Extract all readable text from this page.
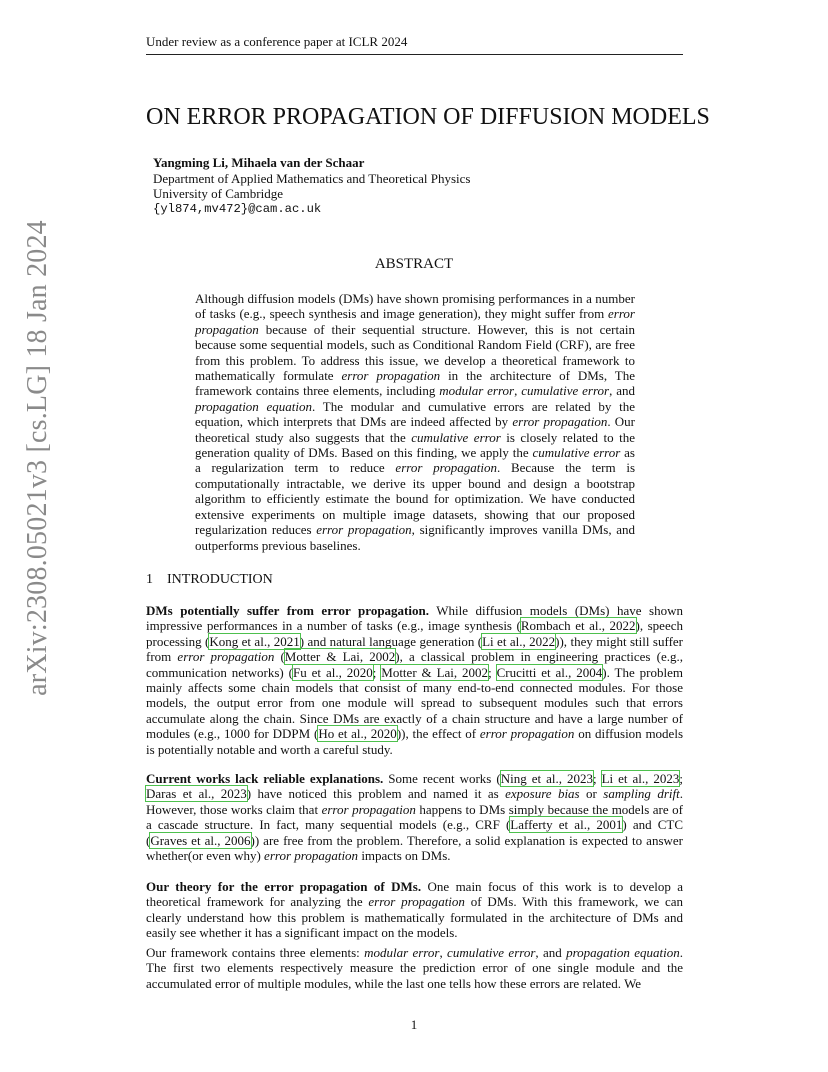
Under review as a conference paper at ICLR 2024
arXiv:2308.05021v3 [cs.LG] 18 Jan 2024
ON ERROR PROPAGATION OF DIFFUSION MODELS
Yangming Li, Mihaela van der Schaar
Department of Applied Mathematics and Theoretical Physics
University of Cambridge
{yl874,mv472}@cam.ac.uk
ABSTRACT
Although diffusion models (DMs) have shown promising performances in a number of tasks (e.g., speech synthesis and image generation), they might suffer from error propagation because of their sequential structure. However, this is not certain because some sequential models, such as Conditional Random Field (CRF), are free from this problem. To address this issue, we develop a theoretical framework to mathematically formulate error propagation in the architecture of DMs, The framework contains three elements, including modular error, cumulative error, and propagation equation. The modular and cumulative errors are related by the equation, which interprets that DMs are indeed affected by error propagation. Our theoretical study also suggests that the cumulative error is closely related to the generation quality of DMs. Based on this finding, we apply the cumulative error as a regularization term to reduce error propagation. Because the term is computationally intractable, we derive its upper bound and design a bootstrap algorithm to efficiently estimate the bound for optimization. We have conducted extensive experiments on multiple image datasets, showing that our proposed regularization reduces error propagation, significantly improves vanilla DMs, and outperforms previous baselines.
1 INTRODUCTION
DMs potentially suffer from error propagation. While diffusion models (DMs) have shown impressive performances in a number of tasks (e.g., image synthesis (Rombach et al., 2022), speech processing (Kong et al., 2021) and natural language generation (Li et al., 2022)), they might still suffer from error propagation (Motter & Lai, 2002), a classical problem in engineering practices (e.g., communication networks) (Fu et al., 2020; Motter & Lai, 2002; Crucitti et al., 2004). The problem mainly affects some chain models that consist of many end-to-end connected modules. For those models, the output error from one module will spread to subsequent modules such that errors accumulate along the chain. Since DMs are exactly of a chain structure and have a large number of modules (e.g., 1000 for DDPM (Ho et al., 2020)), the effect of error propagation on diffusion models is potentially notable and worth a careful study.
Current works lack reliable explanations. Some recent works (Ning et al., 2023; Li et al., 2023; Daras et al., 2023) have noticed this problem and named it as exposure bias or sampling drift. However, those works claim that error propagation happens to DMs simply because the models are of a cascade structure. In fact, many sequential models (e.g., CRF (Lafferty et al., 2001) and CTC (Graves et al., 2006)) are free from the problem. Therefore, a solid explanation is expected to answer whether(or even why) error propagation impacts on DMs.
Our theory for the error propagation of DMs. One main focus of this work is to develop a theoretical framework for analyzing the error propagation of DMs. With this framework, we can clearly understand how this problem is mathematically formulated in the architecture of DMs and easily see whether it has a significant impact on the models.
Our framework contains three elements: modular error, cumulative error, and propagation equation. The first two elements respectively measure the prediction error of one single module and the accumulated error of multiple modules, while the last one tells how these errors are related. We
1
